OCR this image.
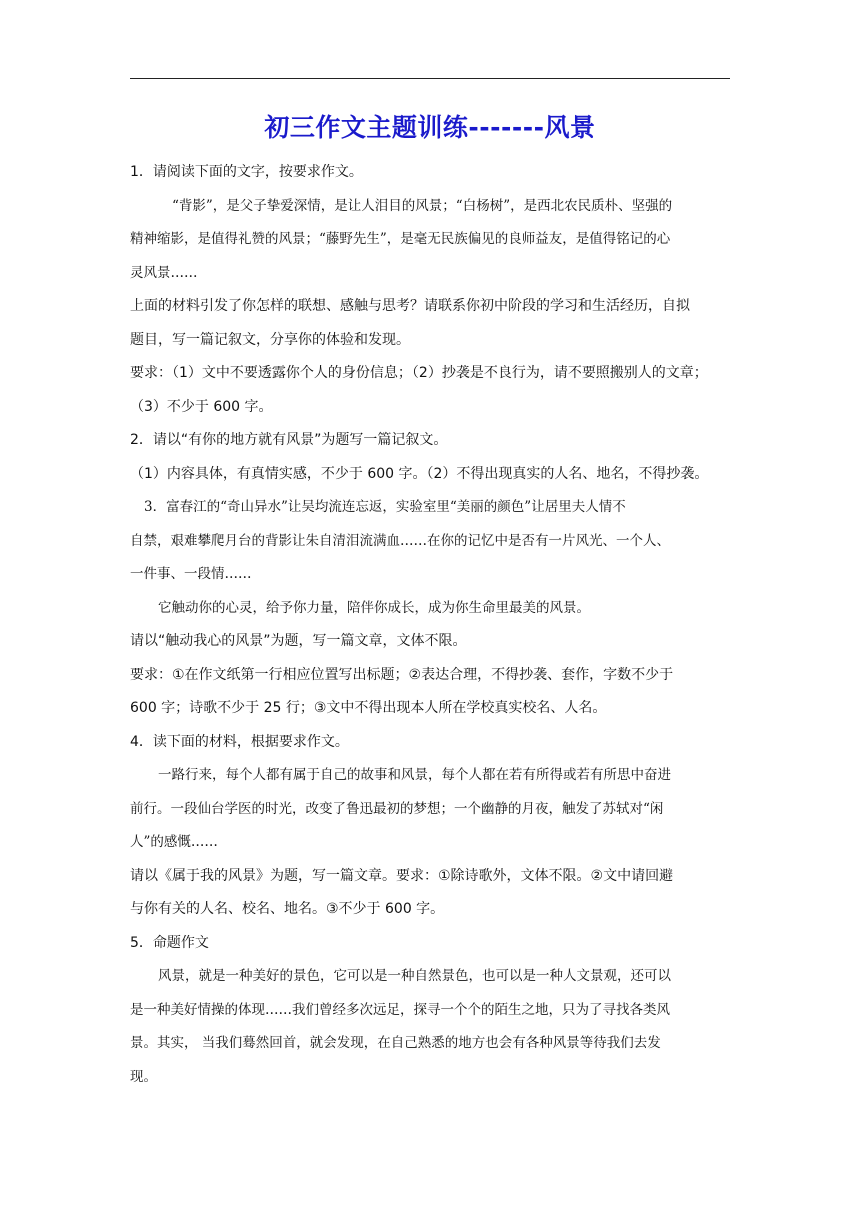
初三作文主题训练-------风景

1．请阅读下面的文字，按要求作文。

“背影”，是父子挚爱深情，是让人泪目的风景；“白杨树”，是西北农民质朴、坚强的

精神缩影，是值得礼赞的风景；“藤野先生”，是毫无民族偏见的良师益友，是值得铭记的心

灵风景……

上面的材料引发了你怎样的联想、感触与思考？请联系你初中阶段的学习和生活经历，自拟

题目，写一篇记叙文，分享你的体验和发现。

要求：（1）文中不要透露你个人的身份信息；（2）抄袭是不良行为，请不要照搬别人的文章；

（3）不少于 600 字。

2．请以“有你的地方就有风景”为题写一篇记叙文。

（1）内容具体，有真情实感，不少于 600 字。（2）不得出现真实的人名、地名，不得抄袭。

3．富春江的“奇山异水”让吴均流连忘返，实验室里“美丽的颜色”让居里夫人情不

自禁，艰难攀爬月台的背影让朱自清泪流满血……在你的记忆中是否有一片风光、一个人、

一件事、一段情……

它触动你的心灵，给予你力量，陪伴你成长，成为你生命里最美的风景。

请以“触动我心的风景”为题，写一篇文章，文体不限。

要求：①在作文纸第一行相应位置写出标题；②表达合理，不得抄袭、套作，字数不少于

600 字；诗歌不少于 25 行；③文中不得出现本人所在学校真实校名、人名。

4．读下面的材料，根据要求作文。

一路行来，每个人都有属于自己的故事和风景，每个人都在若有所得或若有所思中奋进

前行。一段仙台学医的时光，改变了鲁迅最初的梦想；一个幽静的月夜，触发了苏轼对“闲

人”的感慨……

请以《属于我的风景》为题，写一篇文章。要求：①除诗歌外，文体不限。②文中请回避

与你有关的人名、校名、地名。③不少于 600 字。

5．命题作文

风景，就是一种美好的景色，它可以是一种自然景色，也可以是一种人文景观，还可以

是一种美好情操的体现……我们曾经多次远足，探寻一个个的陌生之地，只为了寻找各类风

景。其实， 当我们蓦然回首，就会发现，在自己熟悉的地方也会有各种风景等待我们去发

现。
